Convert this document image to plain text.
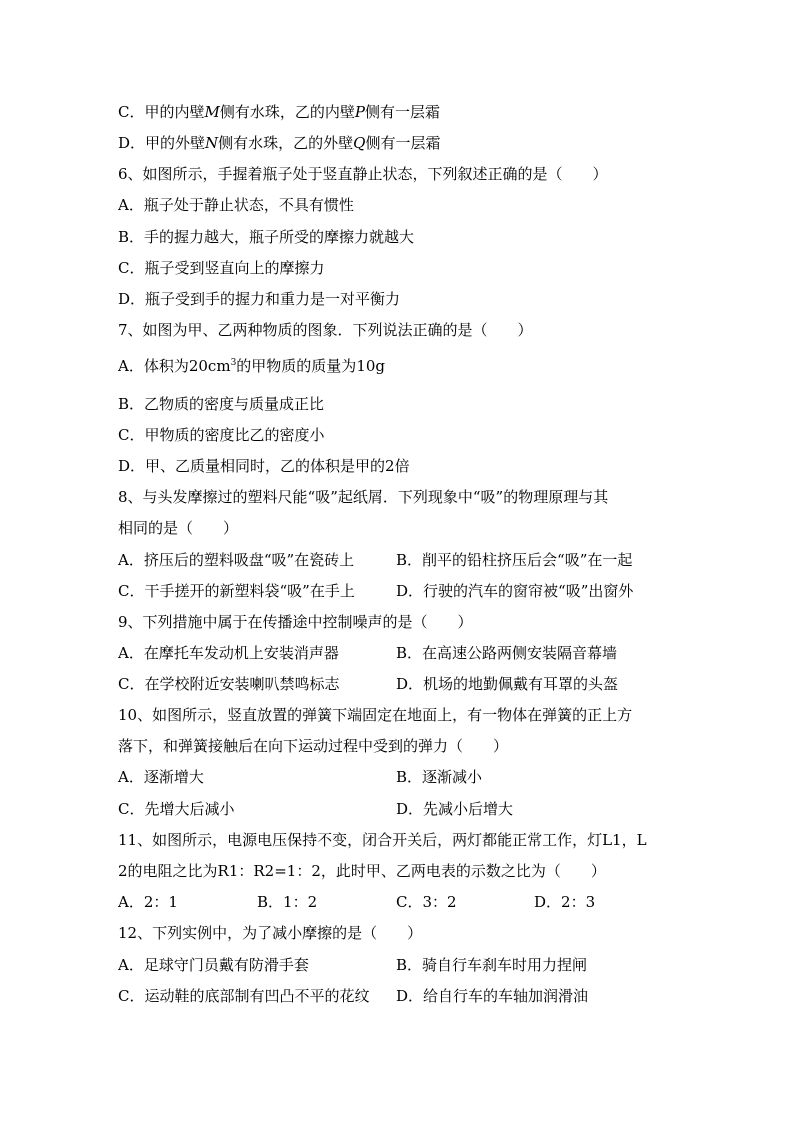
C．甲的内壁M侧有水珠，乙的内壁P侧有一层霜
D．甲的外壁N侧有水珠，乙的外壁Q侧有一层霜
6、如图所示，手握着瓶子处于竖直静止状态，下列叙述正确的是（　　）
A．瓶子处于静止状态，不具有惯性
B．手的握力越大，瓶子所受的摩擦力就越大
C．瓶子受到竖直向上的摩擦力
D．瓶子受到手的握力和重力是一对平衡力
7、如图为甲、乙两种物质的图象．下列说法正确的是（　　）
A．体积为$20cm^3$的甲物质的质量为10g
B．乙物质的密度与质量成正比
C．甲物质的密度比乙的密度小
D．甲、乙质量相同时，乙的体积是甲的2倍
8、与头发摩擦过的塑料尺能“吸”起纸屑．下列现象中“吸”的物理原理与其
相同的是（　　）
A．挤压后的塑料吸盘“吸”在瓷砖上	B．削平的铅柱挤压后会“吸”在一起
C．干手搓开的新塑料袋“吸”在手上	D．行驶的汽车的窗帘被“吸”出窗外
9、下列措施中属于在传播途中控制噪声的是（　　）
A．在摩托车发动机上安装消声器	B．在高速公路两侧安装隔音幕墙
C．在学校附近安装喇叭禁鸣标志	D．机场的地勤佩戴有耳罩的头盔
10、如图所示，竖直放置的弹簧下端固定在地面上，有一物体在弹簧的正上方
落下，和弹簧接触后在向下运动过程中受到的弹力（　　）
A．逐渐增大	B．逐渐减小
C．先增大后减小	D．先减小后增大
11、如图所示，电源电压保持不变，闭合开关后，两灯都能正常工作，灯L1，L
2的电阻之比为R1：R2=1：2，此时甲、乙两电表的示数之比为（　　）
A．2：1	B．1：2	C．3：2	D．2：3
12、下列实例中，为了减小摩擦的是（　　）
A．足球守门员戴有防滑手套	B．骑自行车刹车时用力捏闸
C．运动鞋的底部制有凹凸不平的花纹 D．给自行车的车轴加润滑油
